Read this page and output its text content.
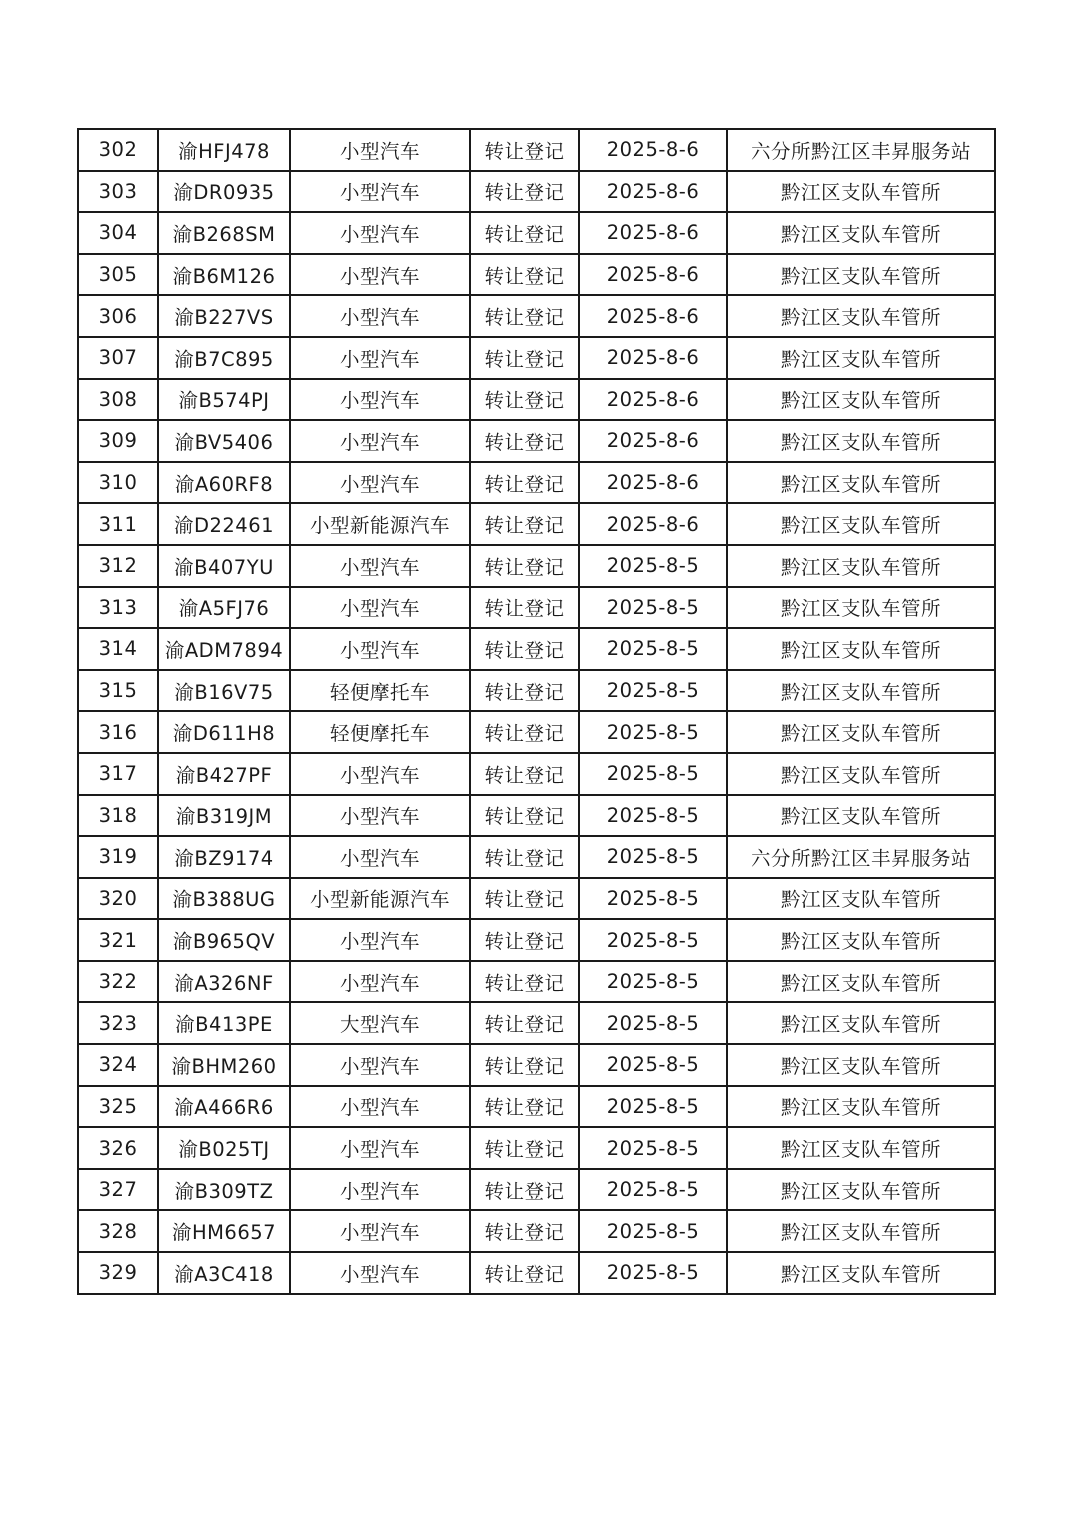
302	渝HFJ478	小型汽车	转让登记	2025-8-6	六分所黔江区丰昇服务站
303	渝DR0935	小型汽车	转让登记	2025-8-6	黔江区支队车管所
304	渝B268SM	小型汽车	转让登记	2025-8-6	黔江区支队车管所
305	渝B6M126	小型汽车	转让登记	2025-8-6	黔江区支队车管所
306	渝B227VS	小型汽车	转让登记	2025-8-6	黔江区支队车管所
307	渝B7C895	小型汽车	转让登记	2025-8-6	黔江区支队车管所
308	渝B574PJ	小型汽车	转让登记	2025-8-6	黔江区支队车管所
309	渝BV5406	小型汽车	转让登记	2025-8-6	黔江区支队车管所
310	渝A60RF8	小型汽车	转让登记	2025-8-6	黔江区支队车管所
311	渝D22461	小型新能源汽车	转让登记	2025-8-6	黔江区支队车管所
312	渝B407YU	小型汽车	转让登记	2025-8-5	黔江区支队车管所
313	渝A5FJ76	小型汽车	转让登记	2025-8-5	黔江区支队车管所
314	渝ADM7894	小型汽车	转让登记	2025-8-5	黔江区支队车管所
315	渝B16V75	轻便摩托车	转让登记	2025-8-5	黔江区支队车管所
316	渝D611H8	轻便摩托车	转让登记	2025-8-5	黔江区支队车管所
317	渝B427PF	小型汽车	转让登记	2025-8-5	黔江区支队车管所
318	渝B319JM	小型汽车	转让登记	2025-8-5	黔江区支队车管所
319	渝BZ9174	小型汽车	转让登记	2025-8-5	六分所黔江区丰昇服务站
320	渝B388UG	小型新能源汽车	转让登记	2025-8-5	黔江区支队车管所
321	渝B965QV	小型汽车	转让登记	2025-8-5	黔江区支队车管所
322	渝A326NF	小型汽车	转让登记	2025-8-5	黔江区支队车管所
323	渝B413PE	大型汽车	转让登记	2025-8-5	黔江区支队车管所
324	渝BHM260	小型汽车	转让登记	2025-8-5	黔江区支队车管所
325	渝A466R6	小型汽车	转让登记	2025-8-5	黔江区支队车管所
326	渝B025TJ	小型汽车	转让登记	2025-8-5	黔江区支队车管所
327	渝B309TZ	小型汽车	转让登记	2025-8-5	黔江区支队车管所
328	渝HM6657	小型汽车	转让登记	2025-8-5	黔江区支队车管所
329	渝A3C418	小型汽车	转让登记	2025-8-5	黔江区支队车管所
